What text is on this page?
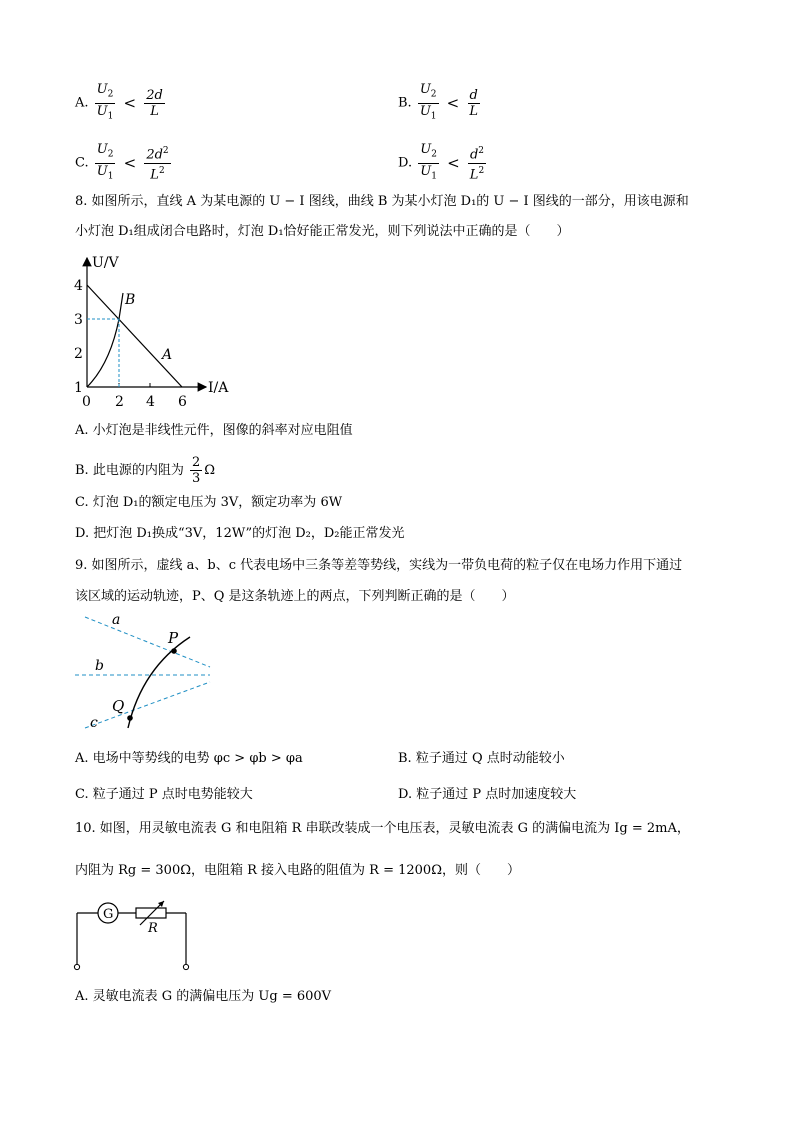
A. $\frac{U_2}{U_1} < \frac{2d}{L}$	B. $\frac{U_2}{U_1} < \frac{d}{L}$
C. $\frac{U_2}{U_1} < \frac{2d^2}{L^2}$	D. $\frac{U_2}{U_1} < \frac{d^2}{L^2}$
8. 如图所示，直线 A 为某电源的 U − I 图线，曲线 B 为某小灯泡 D₁的 U − I 图线的一部分，用该电源和
小灯泡 D₁组成闭合电路时，灯泡 D₁恰好能正常发光，则下列说法中正确的是（　　）
U/V
I/A
4
3
2
1
0 2 4 6
B
A
A. 小灯泡是非线性元件，图像的斜率对应电阻值
B. 此电源的内阻为 $\frac{2}{3}$ Ω
C. 灯泡 D₁的额定电压为 3V，额定功率为 6W
D. 把灯泡 D₁换成“3V，12W”的灯泡 D₂，D₂能正常发光
9. 如图所示，虚线 a、b、c 代表电场中三条等差等势线，实线为一带负电荷的粒子仅在电场力作用下通过
该区域的运动轨迹，P、Q 是这条轨迹上的两点，下列判断正确的是（　　）
a
b
c
P
Q
A. 电场中等势线的电势 φc > φb > φa	B. 粒子通过 Q 点时动能较小
C. 粒子通过 P 点时电势能较大	D. 粒子通过 P 点时加速度较大
10. 如图，用灵敏电流表 G 和电阻箱 R 串联改装成一个电压表，灵敏电流表 G 的满偏电流为 Ig = 2mA，
内阻为 Rg = 300Ω，电阻箱 R 接入电路的阻值为 R = 1200Ω，则（　　）
G
R
A. 灵敏电流表 G 的满偏电压为 Ug = 600V
